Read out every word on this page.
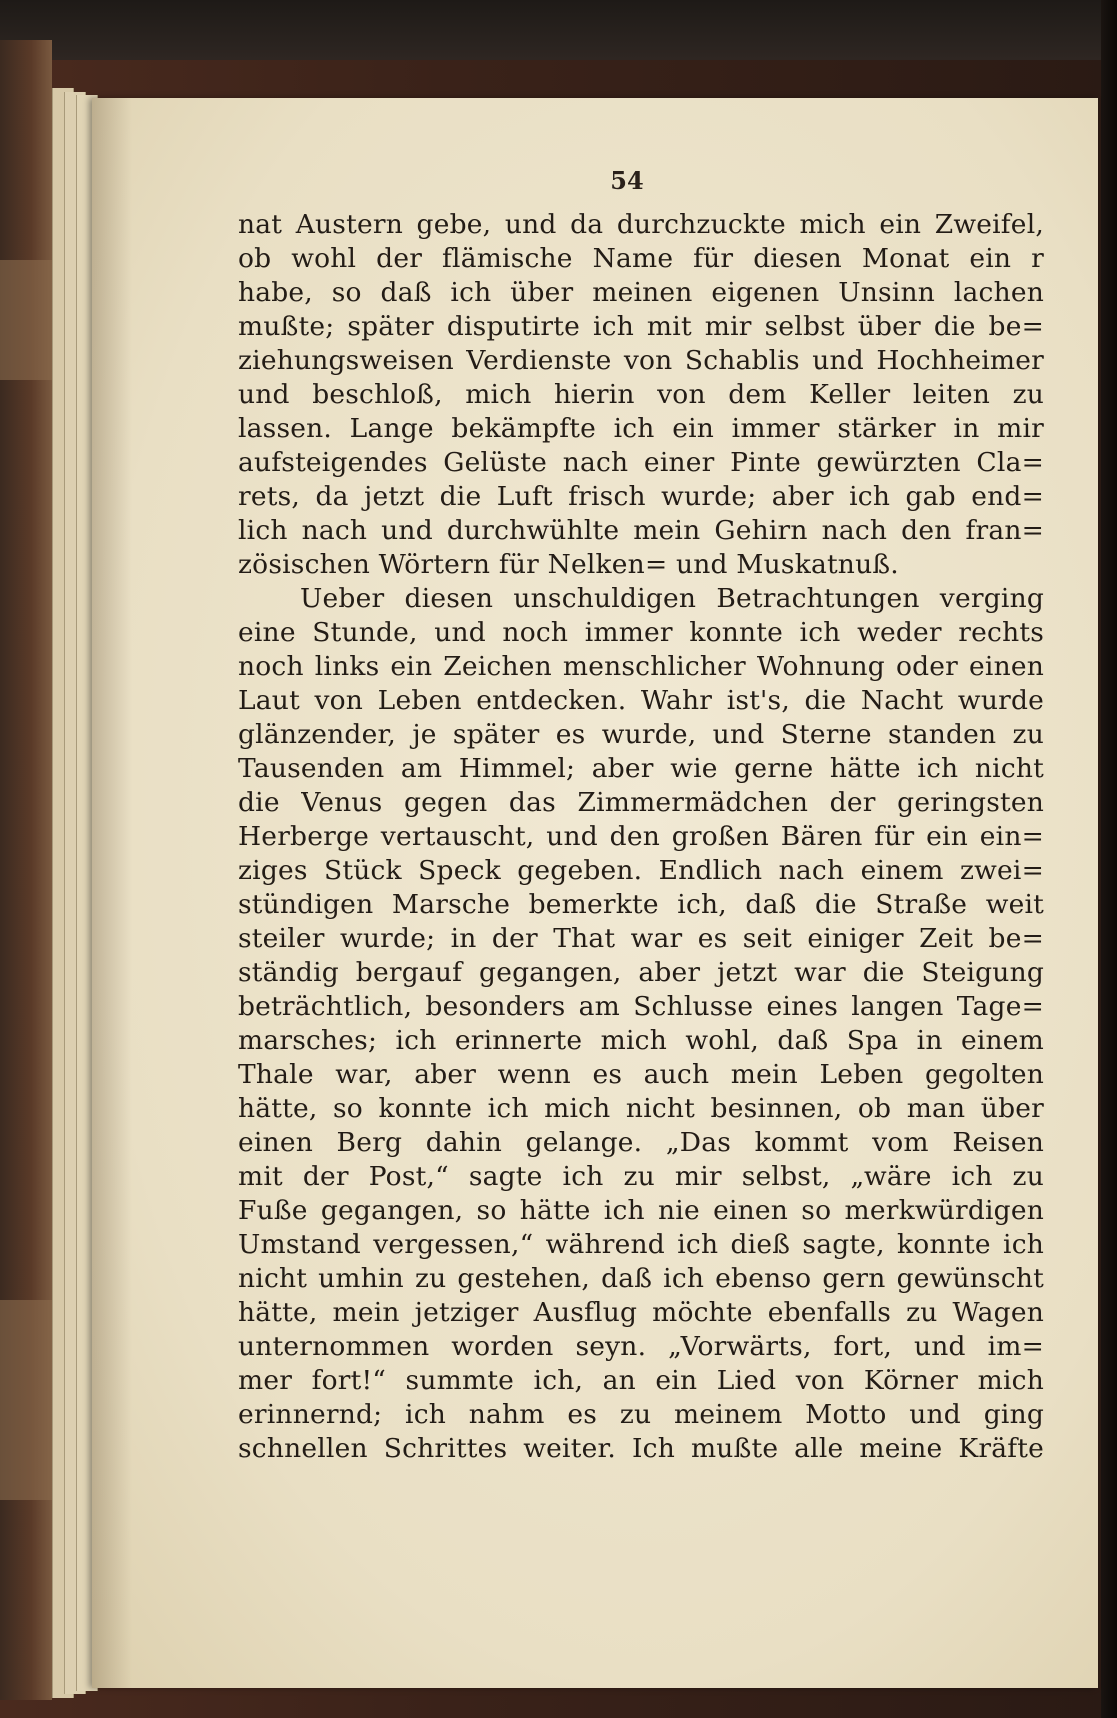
54
nat Austern gebe, und da durchzuckte mich ein Zweifel,
ob wohl der flämische Name für diesen Monat ein r
habe, so daß ich über meinen eigenen Unsinn lachen
mußte; später disputirte ich mit mir selbst über die be=
ziehungsweisen Verdienste von Schablis und Hochheimer
und beschloß, mich hierin von dem Keller leiten zu
lassen. Lange bekämpfte ich ein immer stärker in mir
aufsteigendes Gelüste nach einer Pinte gewürzten Cla=
rets, da jetzt die Luft frisch wurde; aber ich gab end=
lich nach und durchwühlte mein Gehirn nach den fran=
zösischen Wörtern für Nelken= und Muskatnuß.
Ueber diesen unschuldigen Betrachtungen verging
eine Stunde, und noch immer konnte ich weder rechts
noch links ein Zeichen menschlicher Wohnung oder einen
Laut von Leben entdecken. Wahr ist's, die Nacht wurde
glänzender, je später es wurde, und Sterne standen zu
Tausenden am Himmel; aber wie gerne hätte ich nicht
die Venus gegen das Zimmermädchen der geringsten
Herberge vertauscht, und den großen Bären für ein ein=
ziges Stück Speck gegeben. Endlich nach einem zwei=
stündigen Marsche bemerkte ich, daß die Straße weit
steiler wurde; in der That war es seit einiger Zeit be=
ständig bergauf gegangen, aber jetzt war die Steigung
beträchtlich, besonders am Schlusse eines langen Tage=
marsches; ich erinnerte mich wohl, daß Spa in einem
Thale war, aber wenn es auch mein Leben gegolten
hätte, so konnte ich mich nicht besinnen, ob man über
einen Berg dahin gelange. „Das kommt vom Reisen
mit der Post,“ sagte ich zu mir selbst, „wäre ich zu
Fuße gegangen, so hätte ich nie einen so merkwürdigen
Umstand vergessen,“ während ich dieß sagte, konnte ich
nicht umhin zu gestehen, daß ich ebenso gern gewünscht
hätte, mein jetziger Ausflug möchte ebenfalls zu Wagen
unternommen worden seyn. „Vorwärts, fort, und im=
mer fort!“ summte ich, an ein Lied von Körner mich
erinnernd; ich nahm es zu meinem Motto und ging
schnellen Schrittes weiter. Ich mußte alle meine Kräfte
